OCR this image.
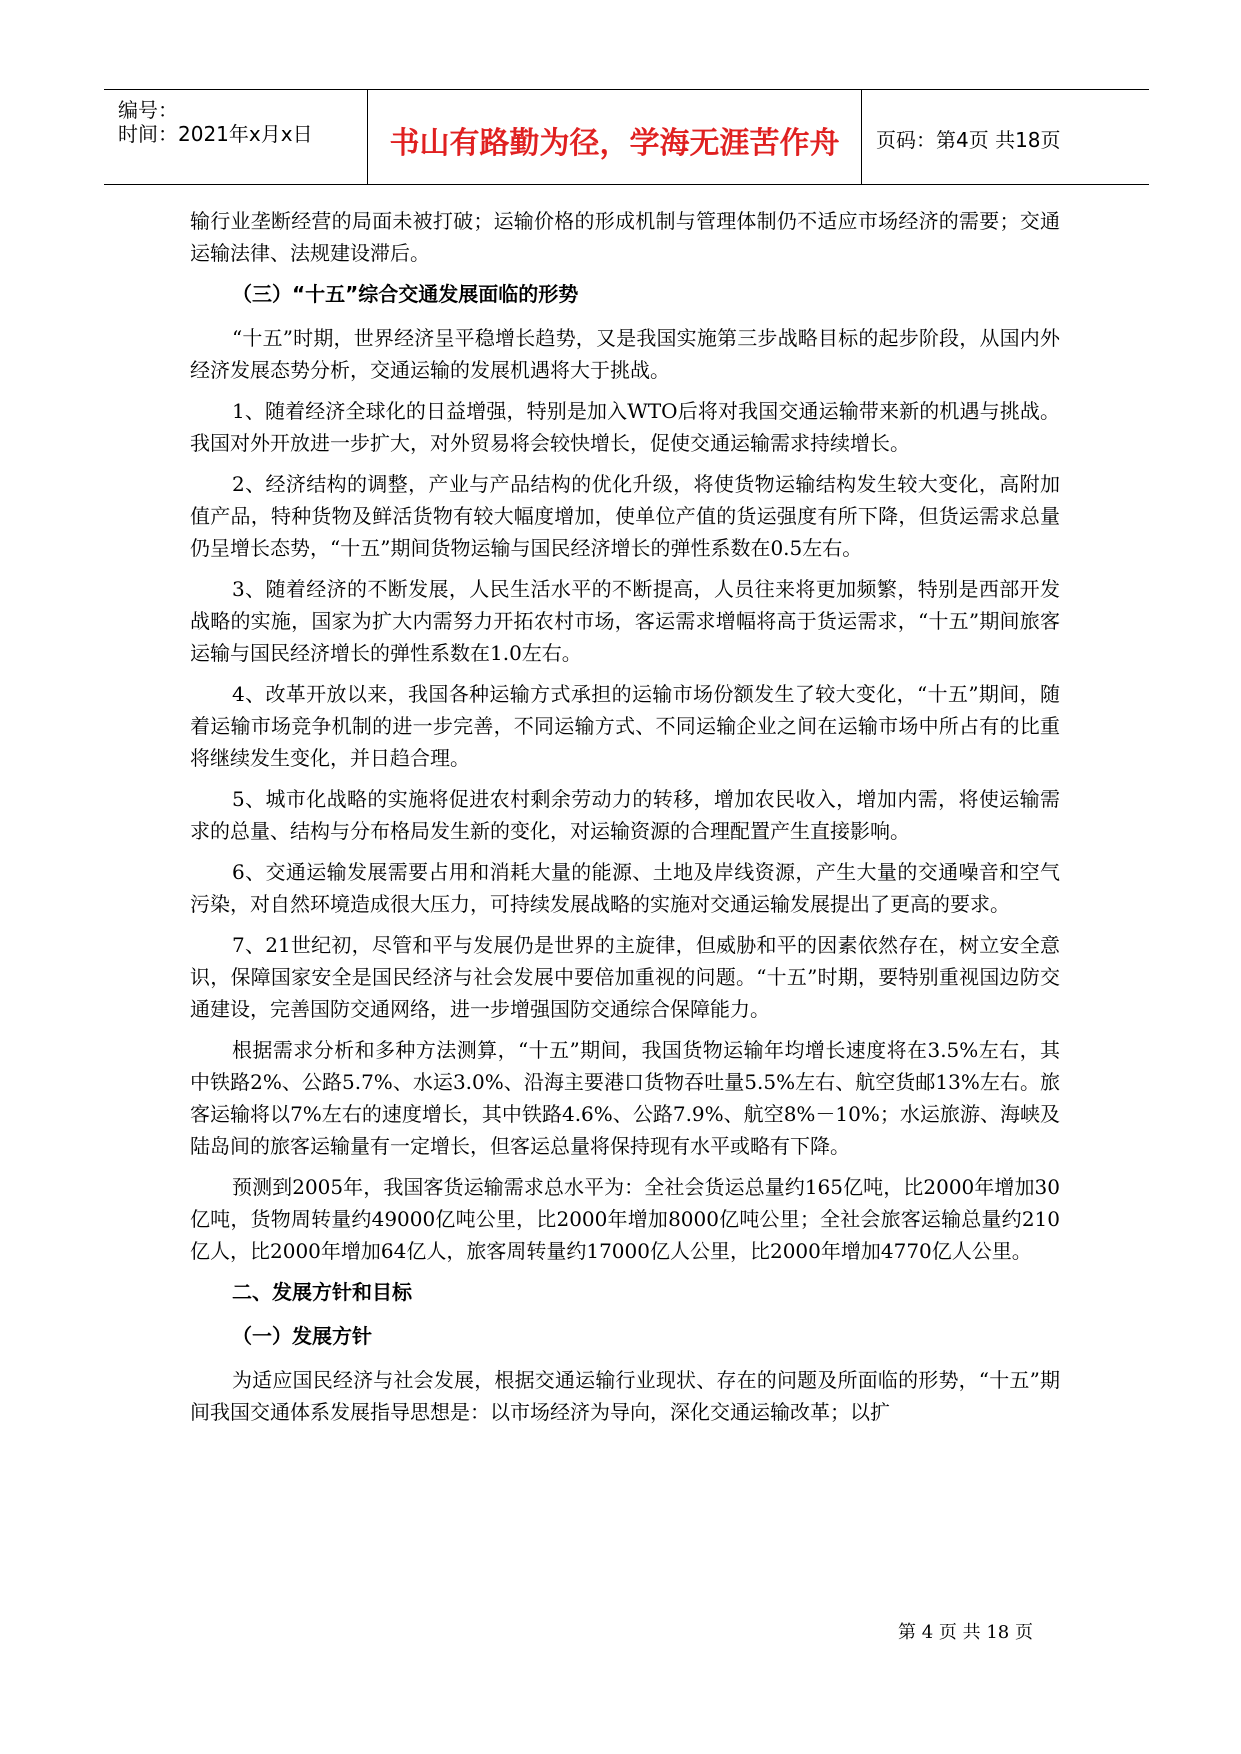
编号：
时间：2021年x月x日	书山有路勤为径，学海无涯苦作舟	页码：第4页 共18页

输行业垄断经营的局面未被打破；运输价格的形成机制与管理体制仍不适应市场经济的需要；交通运输法律、法规建设滞后。

（三）“十五”综合交通发展面临的形势

“十五”时期，世界经济呈平稳增长趋势，又是我国实施第三步战略目标的起步阶段，从国内外经济发展态势分析，交通运输的发展机遇将大于挑战。

1、随着经济全球化的日益增强，特别是加入WTO后将对我国交通运输带来新的机遇与挑战。我国对外开放进一步扩大，对外贸易将会较快增长，促使交通运输需求持续增长。

2、经济结构的调整，产业与产品结构的优化升级，将使货物运输结构发生较大变化，高附加值产品，特种货物及鲜活货物有较大幅度增加，使单位产值的货运强度有所下降，但货运需求总量仍呈增长态势，“十五”期间货物运输与国民经济增长的弹性系数在0.5左右。

3、随着经济的不断发展，人民生活水平的不断提高，人员往来将更加频繁，特别是西部开发战略的实施，国家为扩大内需努力开拓农村市场，客运需求增幅将高于货运需求，“十五”期间旅客运输与国民经济增长的弹性系数在1.0左右。

4、改革开放以来，我国各种运输方式承担的运输市场份额发生了较大变化，“十五”期间，随着运输市场竞争机制的进一步完善，不同运输方式、不同运输企业之间在运输市场中所占有的比重将继续发生变化，并日趋合理。

5、城市化战略的实施将促进农村剩余劳动力的转移，增加农民收入，增加内需，将使运输需求的总量、结构与分布格局发生新的变化，对运输资源的合理配置产生直接影响。

6、交通运输发展需要占用和消耗大量的能源、土地及岸线资源，产生大量的交通噪音和空气污染，对自然环境造成很大压力，可持续发展战略的实施对交通运输发展提出了更高的要求。

7、21世纪初，尽管和平与发展仍是世界的主旋律，但威胁和平的因素依然存在，树立安全意识，保障国家安全是国民经济与社会发展中要倍加重视的问题。“十五”时期，要特别重视国边防交通建设，完善国防交通网络，进一步增强国防交通综合保障能力。

根据需求分析和多种方法测算，“十五”期间，我国货物运输年均增长速度将在3.5%左右，其中铁路2%、公路5.7%、水运3.0%、沿海主要港口货物吞吐量5.5%左右、航空货邮13%左右。旅客运输将以7%左右的速度增长，其中铁路4.6%、公路7.9%、航空8%－10%；水运旅游、海峡及陆岛间的旅客运输量有一定增长，但客运总量将保持现有水平或略有下降。

预测到2005年，我国客货运输需求总水平为：全社会货运总量约165亿吨，比2000年增加30亿吨，货物周转量约49000亿吨公里，比2000年增加8000亿吨公里；全社会旅客运输总量约210亿人，比2000年增加64亿人，旅客周转量约17000亿人公里，比2000年增加4770亿人公里。

二、发展方针和目标
（一）发展方针

为适应国民经济与社会发展，根据交通运输行业现状、存在的问题及所面临的形势，“十五”期间我国交通体系发展指导思想是：以市场经济为导向，深化交通运输改革；以扩

第 4 页 共 18 页
